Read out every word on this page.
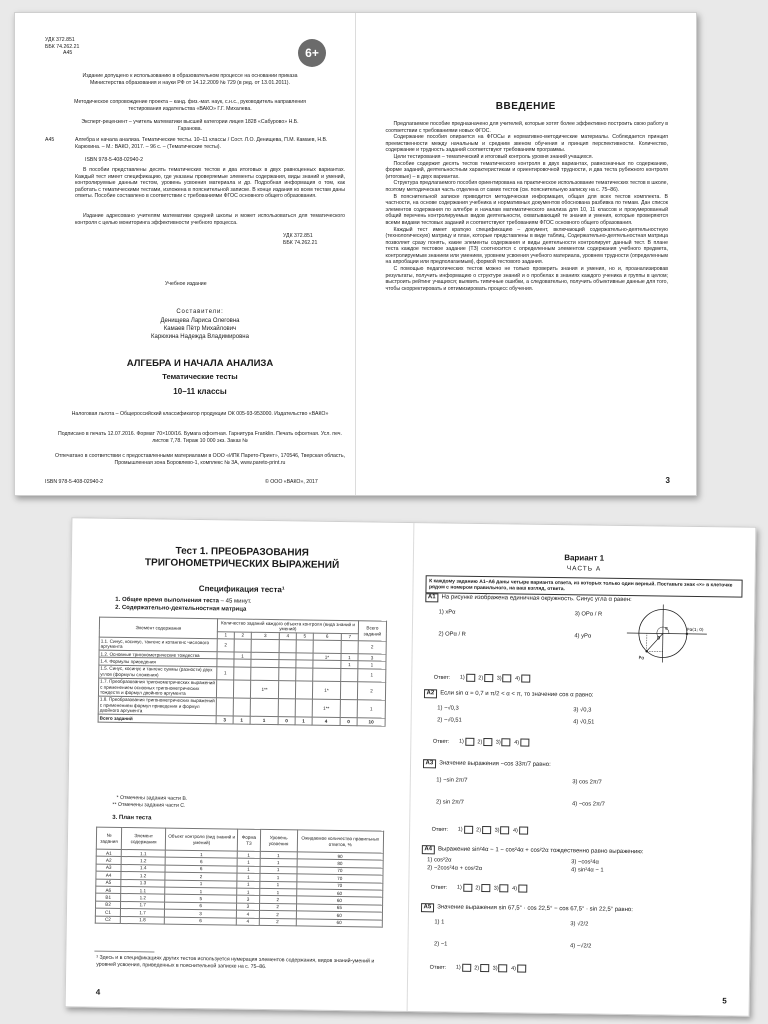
УДК 372.851
ББК 74.262.21
А45	6+
Издание допущено к использованию в образовательном процессе на основании приказа Министерства образования и науки РФ от 14.12.2009 № 729 (в ред. от 13.01.2011).
Методическое сопровождение проекта – канд. физ.-мат. наук, с.н.с., руководитель направления тестирования издательства «ВАКО» Г.Г. Михалева.
Эксперт-рецензент – учитель математики высшей категории лицея 1828 «Сабурово» Н.Б. Гаранова.
А45	Алгебра и начала анализа. Тематические тесты. 10–11 классы / Сост. Л.О. Денищева, П.М. Камаев, Н.В. Карюхина. – М.: ВАКО, 2017. – 96 с. – (Тематические тесты).
ISBN 978-5-408-02940-2
В пособии представлены десять тематических тестов и два итоговых в двух равноценных вариантах. Каждый тест имеет спецификацию, где указаны проверяемые элементы содержания, виды знаний и умений, контролируемые данным тестом, уровень усвоения материала и др. Подробная информация о том, как работать с тематическими тестами, изложена в пояснительной записке. В конце издания ко всем тестам даны ответы. Пособие составлено в соответствии с требованиями ФГОС основного общего образования.
Издание адресовано учителям математики средней школы и может использоваться для тематического контроля с целью мониторинга эффективности учебного процесса.
УДК 372.851
ББК 74.262.21
Учебное издание
Составители:
Денищева Лариса Олеговна
Камаев Пётр Михайлович
Карюхина Надежда Владимировна
АЛГЕБРА И НАЧАЛА АНАЛИЗА
Тематические тесты
10–11 классы
Налоговая льгота – Общероссийский классификатор продукции ОК 005-93-953000. Издательство «ВАКО»
Подписано в печать 12.07.2016. Формат 70×100/16. Бумага офсетная. Гарнитура Franklin. Печать офсетная. Усл. печ. листов 7,78. Тираж 10 000 экз. Заказ №
Отпечатано в соответствии с предоставленными материалами в ООО «ИПК Парето-Принт», 170546, Тверская область, Промышленная зона Боровлево-1, комплекс № 3А, www.pareto-print.ru
ISBN 978-5-408-02940-2	© ООО «ВАКО», 2017
ВВЕДЕНИЕ

Предлагаемое пособие предназначено для учителей, которые хотят более эффективно построить свою работу в соответствии с требованиями новых ФГОС.

Содержание пособия опирается на ФГОСы и нормативно-методические материалы. Соблюдается принцип преемственности между начальным и средним звеном обучения и принцип перспективности. Количество, содержание и трудность заданий соответствуют требованиям программы.

Цели тестирования – тематический и итоговый контроль уровня знаний учащихся.

Пособие содержит десять тестов тематического контроля в двух вариантах, равнозначных по содержанию, форме заданий, деятельностным характеристикам и ориентировочной трудности, и два теста рубежного контроля (итоговые) – в двух вариантах.

Структура предлагаемого пособия ориентирована на практическое использование тематических тестов в школе, поэтому методическая часть отделена от самих тестов (см. пояснительную записку на с. 75–86).

В пояснительной записке приводится методическая информация, общая для всех тестов комплекта. В частности, на основе содержания учебника и нормативных документов обоснована разбивка по темам. Дан список элементов содержания по алгебре и началам математического анализа для 10, 11 классов и прокумерованный общий перечень контролируемых видов деятельности, охватывающий те знания и умения, которые проверяются всеми видами тестовых заданий и соответствуют требованиям ФГОС основного общего образования.

Каждый тест имеет краткую спецификацию – документ, включающий содержательно-деятельностную (технологическую) матрицу и план, которые представлены в виде таблиц. Содержательно-деятельностная матрица позволяет сразу понять, какие элементы содержания и виды деятельности контролирует данный тест. В плане теста каждое тестовое задание (ТЗ) соотносится с определенным элементом содержания учебного предмета, контролируемым знанием или умением, уровнем усвоения учебного материала, уровнем трудности (определенным на апробации или предполагаемым), формой тестового задания.

С помощью педагогических тестов можно не только проверить знания и умения, но и, проанализировав результаты, получить информацию о структуре знаний и о пробелах в знаниях каждого ученика и группы в целом; выстроить рейтинг учащихся; выявить типичные ошибки, а следовательно, получить объективные данные для того, чтобы скорректировать и оптимизировать процесс обучения.

3
Тест 1. ПРЕОБРАЗОВАНИЯ
ТРИГОНОМЕТРИЧЕСКИХ ВЫРАЖЕНИЙ
Спецификация теста¹
1. Общее время выполнения теста – 45 минут.
2. Содержательно-деятельностная матрица
Элемент содержания	Количество заданий каждого объекта контроля (вида знаний и умений)							Всего заданий
	1	2	3	4	5	6	7	
1.1. Синус, косинус, тангенс и котангенс числового аргумента	2							2
1.2. Основные тригонометрические тождества		1				1*	1	3
1.4. Формулы приведения							1	1
1.5. Синус, косинус и тангенс суммы (разности) двух углов (формулы сложения)	1							1
1.7. Преобразования тригонометрических выражений с применением основных тригонометрических тождеств и формул двойного аргумента			1**			1*		2
1.8. Преобразования тригонометрических выражений с применением формул приведения и формул двойного аргумента						1**		1
Всего заданий	3	1	1	0	1	4	0	10
* Отмечены задания части В.
** Отмечены задания части С.
3. План теста
№ задания	Элемент содержания	Объект контроля (вид знаний и умений)	Форма ТЗ	Уровень усвоения	Ожидаемое количество правильных ответов, %
А1	1.1	1	1	1	90
А2	1.2	6	1	1	80
А3	1.4	6	1	1	70
А4	1.2	2	1	1	70
А5	1.3	1	1	1	70
А6	1.1	1	1	1	60
В1	1.2	5	3	2	60
В2	1.7	6	3	2	65
С1	1.7	3	4	2	60
С2	1.8	6	4	2	60
¹ Здесь и в спецификациях других тестов используется нумерация элементов содержания, видов знаний-умений и уровней усвоения, приведенных в пояснительной записке на с. 75–86.
4
Вариант 1
ЧАСТЬ А
К каждому заданию А1–А6 даны четыре варианта ответа, из которых только один верный. Поставьте знак «×» в клеточке рядом с номером правильного, на ваш взгляд, ответа.
А1 На рисунке изображена единичная окружность. Синус угла α равен:
1) xPα
2) OPα / R
3) OPα / R
4) yPα
α
O
Pα
Pα(1; 0)
Ответ: 1) 2) 3) 4)
А2 Если sin α = 0,7 и π/2 < α < π, то значение cos α равно:
1) −√0,3
2) −√0,51
3) √0,3
4) √0,51
Ответ: 1) 2) 3) 4)
А3 Значение выражения −cos 33π/7 равно:
1) −sin 2π/7
2) sin 2π/7
3) cos 2π/7
4) −cos 2π/7
Ответ: 1) 2) 3) 4)
А4 Выражение sin²4α − 1 − cos²4α + cos²2α тождественно равно выражению:
1) cos²2α
2) −2cos²4α + cos²2α
3) −cos²4α
4) sin²4α − 1
Ответ: 1) 2) 3) 4)
А5 Значение выражения sin 67,5° · cos 22,5° − cos 67,5° · sin 22,5° равно:
1) 1
2) −1
3) √2/2
4) −√2/2
Ответ: 1) 2) 3) 4)
5
